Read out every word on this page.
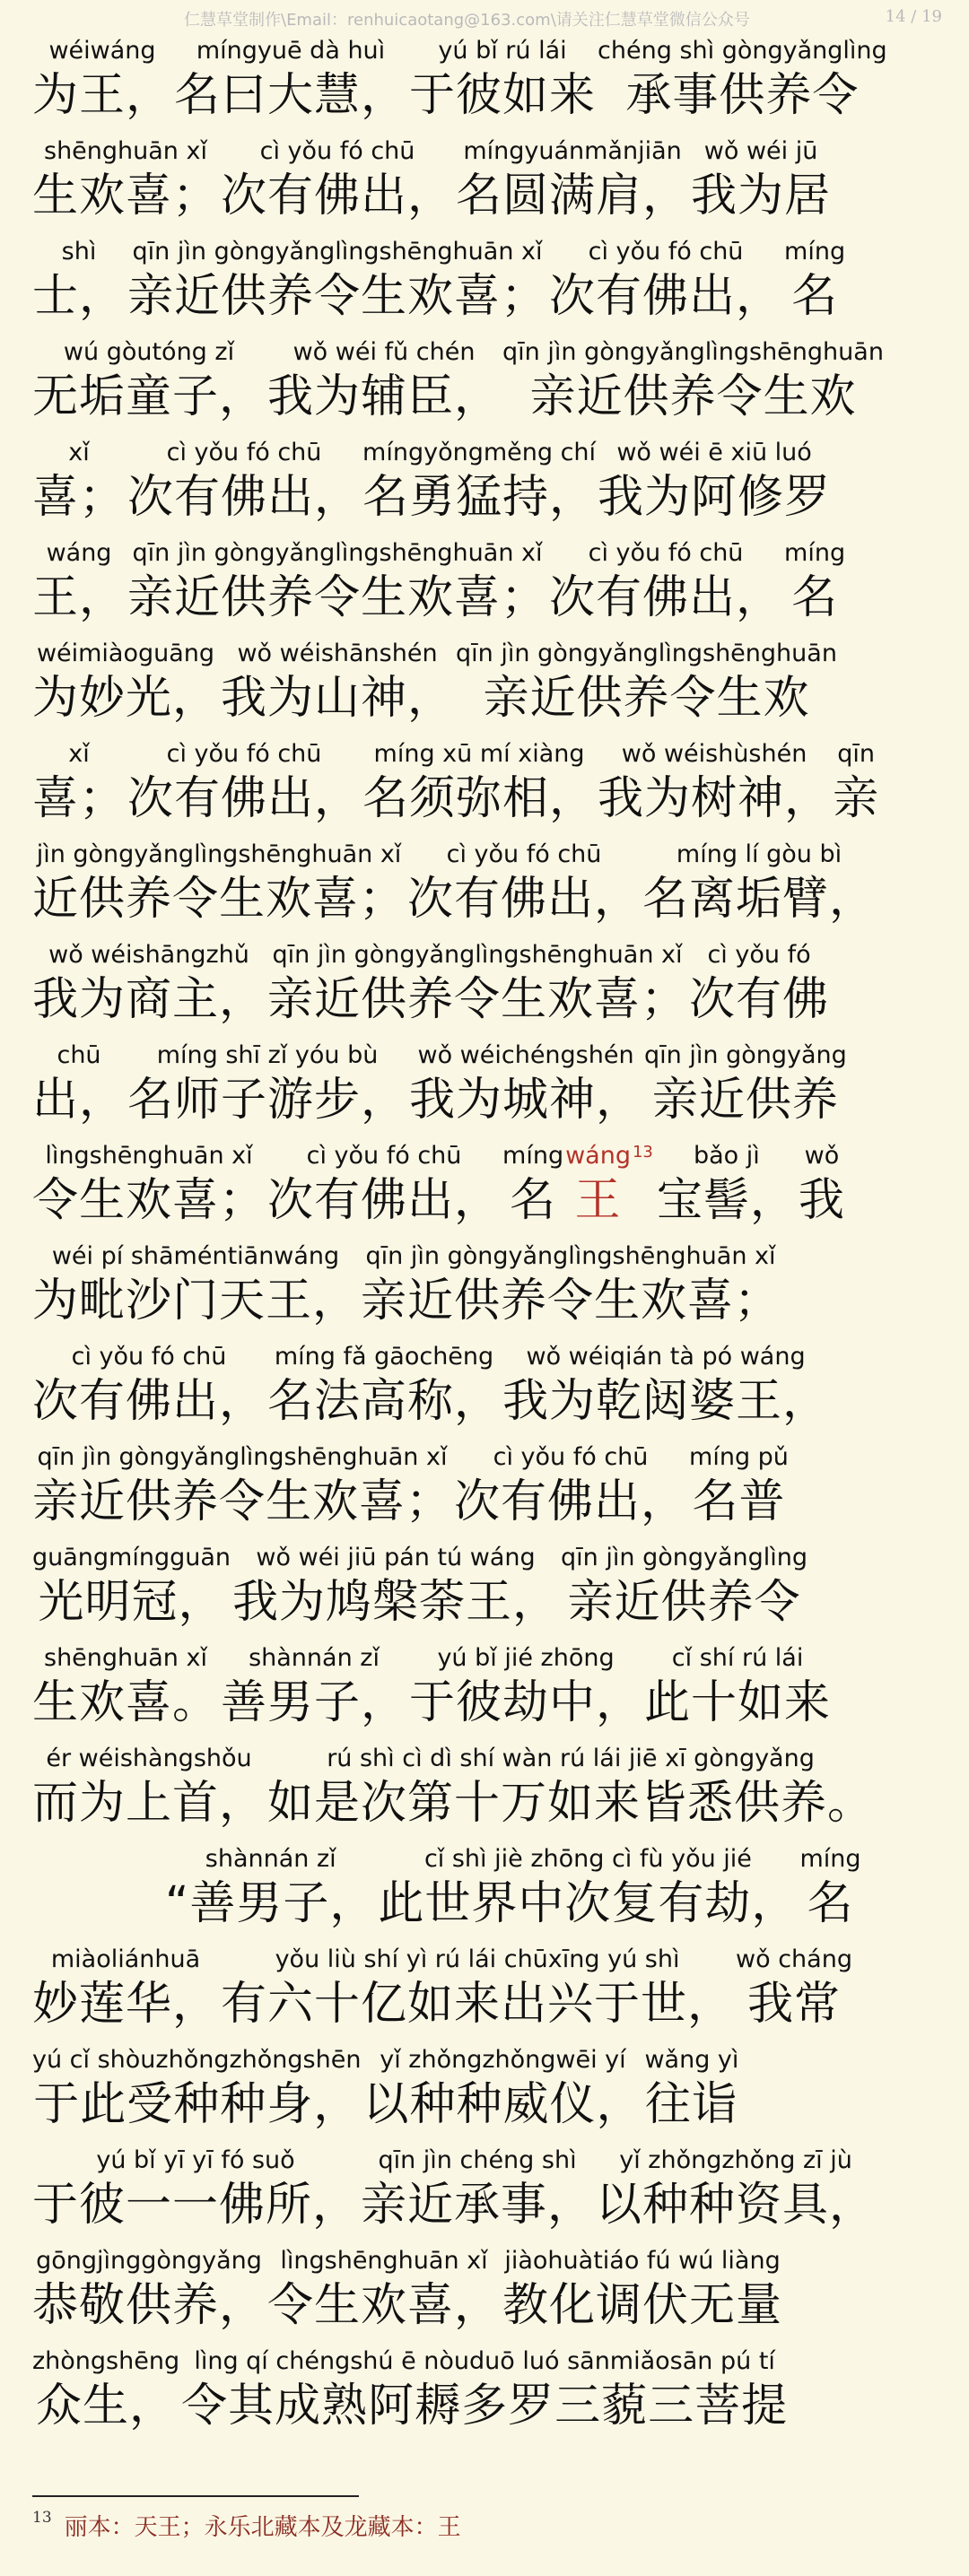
仁慧草堂制作\Email：renhuicaotang@163.com\请关注仁慧草堂微信公众号	14 / 19
wéiwáng
为王，
míngyuē dà huì
名曰大慧，
yú bǐ rú lái
于彼如来
chéng shì gòngyǎnglìng
承事供养令
shēnghuān xǐ
生欢喜；
cì yǒu fó chū
次有佛出，
míngyuánmǎnjiān
名圆满肩，
wǒ wéi jū
我为居
shì
士，
qīn jìn gòngyǎnglìngshēnghuān xǐ
亲近供养令生欢喜；
cì yǒu fó chū
次有佛出，
míng
名
wú gòutóng zǐ
无垢童子，
wǒ wéi fǔ chén
我为辅臣，
qīn jìn gòngyǎnglìngshēnghuān
亲近供养令生欢
xǐ
喜；
cì yǒu fó chū
次有佛出，
míngyǒngměng chí
名勇猛持，
wǒ wéi ē xiū luó
我为阿修罗
wáng
王，
qīn jìn gòngyǎnglìngshēnghuān xǐ
亲近供养令生欢喜；
cì yǒu fó chū
次有佛出，
míng
名
wéimiàoguāng
为妙光，
wǒ wéishānshén
我为山神，
qīn jìn gòngyǎnglìngshēnghuān
亲近供养令生欢
xǐ
喜；
cì yǒu fó chū
次有佛出，
míng xū mí xiàng
名须弥相，
wǒ wéishùshén
我为树神，
qīn
亲
jìn gòngyǎnglìngshēnghuān xǐ
近供养令生欢喜；
cì yǒu fó chū
次有佛出，
míng lí gòu bì
名离垢臂，
wǒ wéishāngzhǔ
我为商主，
qīn jìn gòngyǎnglìngshēnghuān xǐ
亲近供养令生欢喜；
cì yǒu fó
次有佛
chū
出，
míng shī zǐ yóu bù
名师子游步，
wǒ wéichéngshén
我为城神，
qīn jìn gòngyǎng
亲近供养
lìngshēnghuān xǐ
令生欢喜；
cì yǒu fó chū
次有佛出，
míng
名
wáng
王
13	bǎo jì
宝髻，
wǒ
我
wéi pí shāméntiānwáng
为毗沙门天王，
qīn jìn gòngyǎnglìngshēnghuān xǐ
亲近供养令生欢喜；
cì yǒu fó chū
次有佛出，
míng fǎ gāochēng
名法高称，
wǒ wéiqián tà pó wáng
我为乾闼婆王，
qīn jìn gòngyǎnglìngshēnghuān xǐ
亲近供养令生欢喜；
cì yǒu fó chū
次有佛出，
míng pǔ
名普
guāngmíngguān
光明冠，
wǒ wéi jiū pán tú wáng
我为鸠槃荼王，
qīn jìn gòngyǎnglìng
亲近供养令
shēnghuān xǐ
生欢喜。
shànnán zǐ
善男子，
yú bǐ jié zhōng
于彼劫中，
cǐ shí rú lái
此十如来
ér wéishàngshǒu
而为上首，
rú shì cì dì shí wàn rú lái jiē xī gòngyǎng
如是次第十万如来皆悉供养。
shànnán zǐ
“善男子，
cǐ shì jiè zhōng cì fù yǒu jié
此世界中次复有劫，
míng
名
miàoliánhuā
妙莲华，
yǒu liù shí yì rú lái chūxīng yú shì
有六十亿如来出兴于世，
wǒ cháng
我常
yú cǐ shòuzhǒngzhǒngshēn
于此受种种身，
yǐ zhǒngzhǒngwēi yí
以种种威仪，
wǎng yì
往诣
yú bǐ yī yī fó suǒ
于彼一一佛所，
qīn jìn chéng shì
亲近承事，
yǐ zhǒngzhǒng zī jù
以种种资具，
gōngjìnggòngyǎng
恭敬供养，
lìngshēnghuān xǐ
令生欢喜，
jiàohuàtiáo fú wú liàng
教化调伏无量
zhòngshēng
众生，
lìng qí chéngshú ē nòuduō luó sānmiǎosān pú tí
令其成熟阿耨多罗三藐三菩提
$^{13}$ 丽本：天王；永乐北藏本及龙藏本：王
